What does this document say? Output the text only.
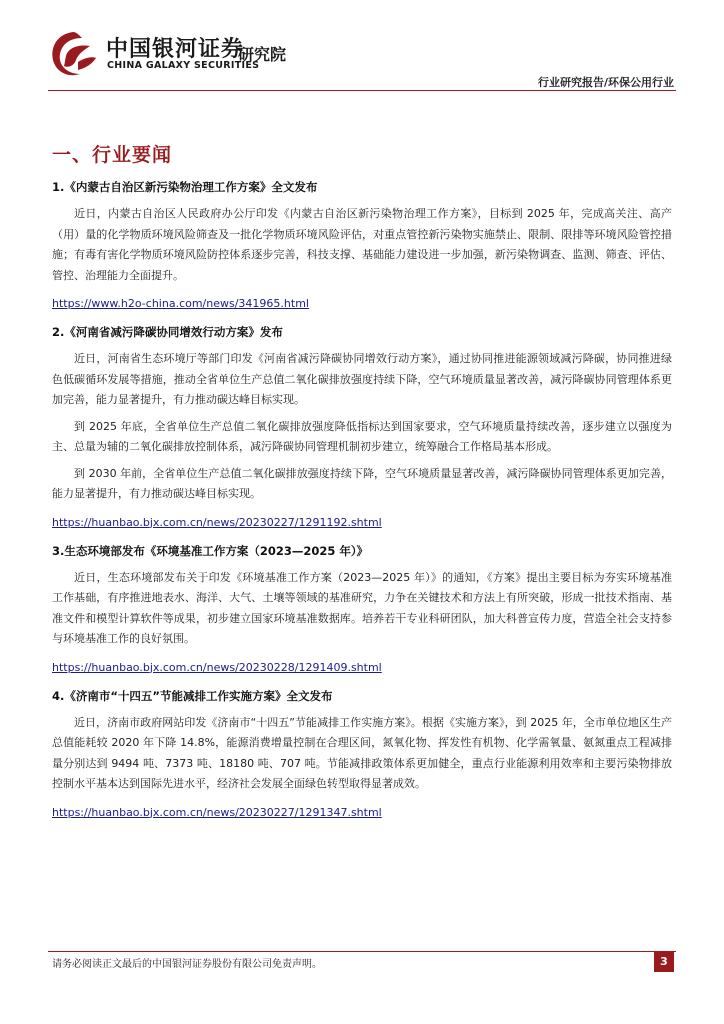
中国银河证券
CHINA GALAXY SECURITIES
研究院
行业研究报告/环保公用行业
一、行业要闻
1.《内蒙古自治区新污染物治理工作方案》全文发布

近日，内蒙古自治区人民政府办公厅印发《内蒙古自治区新污染物治理工作方案》，目标到 2025 年，完成高关注、高产（用）量的化学物质环境风险筛查及一批化学物质环境风险评估，对重点管控新污染物实施禁止、限制、限排等环境风险管控措施；有毒有害化学物质环境风险防控体系逐步完善，科技支撑、基础能力建设进一步加强，新污染物调查、监测、筛查、评估、管控、治理能力全面提升。

https://www.h2o-china.com/news/341965.html
2.《河南省减污降碳协同增效行动方案》发布

近日，河南省生态环境厅等部门印发《河南省减污降碳协同增效行动方案》，通过协同推进能源领域减污降碳，协同推进绿色低碳循环发展等措施，推动全省单位生产总值二氧化碳排放强度持续下降，空气环境质量显著改善，减污降碳协同管理体系更加完善，能力显著提升，有力推动碳达峰目标实现。

到 2025 年底，全省单位生产总值二氧化碳排放强度降低指标达到国家要求，空气环境质量持续改善，逐步建立以强度为主、总量为辅的二氧化碳排放控制体系，减污降碳协同管理机制初步建立，统筹融合工作格局基本形成。

到 2030 年前，全省单位生产总值二氧化碳排放强度持续下降，空气环境质量显著改善，减污降碳协同管理体系更加完善，能力显著提升，有力推动碳达峰目标实现。

https://huanbao.bjx.com.cn/news/20230227/1291192.shtml
3.生态环境部发布《环境基准工作方案（2023—2025 年）》

近日，生态环境部发布关于印发《环境基准工作方案（2023—2025 年）》的通知，《方案》提出主要目标为夯实环境基准工作基础，有序推进地表水、海洋、大气、土壤等领域的基准研究，力争在关键技术和方法上有所突破，形成一批技术指南、基准文件和模型计算软件等成果，初步建立国家环境基准数据库。培养若干专业科研团队，加大科普宣传力度，营造全社会支持参与环境基准工作的良好氛围。

https://huanbao.bjx.com.cn/news/20230228/1291409.shtml
4.《济南市“十四五”节能减排工作实施方案》全文发布

近日，济南市政府网站印发《济南市“十四五”节能减排工作实施方案》。根据《实施方案》，到 2025 年，全市单位地区生产总值能耗较 2020 年下降 14.8%，能源消费增量控制在合理区间，氮氧化物、挥发性有机物、化学需氧量、氨氮重点工程减排量分别达到 9494 吨、7373 吨、18180 吨、707 吨。节能减排政策体系更加健全，重点行业能源利用效率和主要污染物排放控制水平基本达到国际先进水平，经济社会发展全面绿色转型取得显著成效。

https://huanbao.bjx.com.cn/news/20230227/1291347.shtml
请务必阅读正文最后的中国银河证券股份有限公司免责声明。	3
